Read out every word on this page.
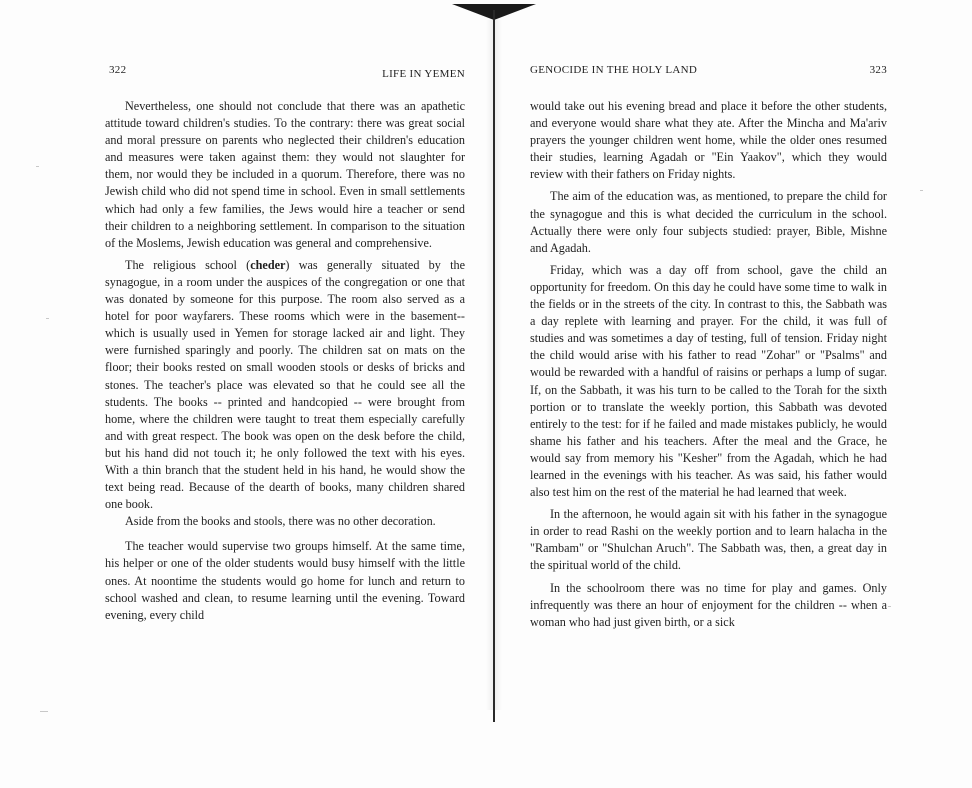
322	LIFE IN YEMEN

Nevertheless, one should not conclude that there was an apathetic attitude toward children's studies. To the contrary: there was great social and moral pressure on parents who neglected their children's education and measures were taken against them: they would not slaughter for them, nor would they be included in a quorum. Therefore, there was no Jewish child who did not spend time in school. Even in small settlements which had only a few families, the Jews would hire a teacher or send their children to a neighboring settlement. In comparison to the situation of the Moslems, Jewish education was general and comprehensive.

The religious school (cheder) was generally situated by the synagogue, in a room under the auspices of the congregation or one that was donated by someone for this purpose. The room also served as a hotel for poor wayfarers. These rooms which were in the basement-- which is usually used in Yemen for storage lacked air and light. They were furnished sparingly and poorly. The children sat on mats on the floor; their books rested on small wooden stools or desks of bricks and stones. The teacher's place was elevated so that he could see all the students. The books -- printed and handcopied -- were brought from home, where the children were taught to treat them especially carefully and with great respect. The book was open on the desk before the child, but his hand did not touch it; he only followed the text with his eyes. With a thin branch that the student held in his hand, he would show the text being read. Because of the dearth of books, many children shared one book.

Aside from the books and stools, there was no other decoration.

The teacher would supervise two groups himself. At the same time, his helper or one of the older students would busy himself with the little ones. At noontime the students would go home for lunch and return to school washed and clean, to resume learning until the evening. Toward evening, every child

GENOCIDE IN THE HOLY LAND	323

would take out his evening bread and place it before the other students, and everyone would share what they ate. After the Mincha and Ma'ariv prayers the younger children went home, while the older ones resumed their studies, learning Agadah or "Ein Yaakov", which they would review with their fathers on Friday nights.

The aim of the education was, as mentioned, to prepare the child for the synagogue and this is what decided the curriculum in the school. Actually there were only four subjects studied: prayer, Bible, Mishne and Agadah.

Friday, which was a day off from school, gave the child an opportunity for freedom. On this day he could have some time to walk in the fields or in the streets of the city. In contrast to this, the Sabbath was a day replete with learning and prayer. For the child, it was full of studies and was sometimes a day of testing, full of tension. Friday night the child would arise with his father to read "Zohar" or "Psalms" and would be rewarded with a handful of raisins or perhaps a lump of sugar. If, on the Sabbath, it was his turn to be called to the Torah for the sixth portion or to translate the weekly portion, this Sabbath was devoted entirely to the test: for if he failed and made mistakes publicly, he would shame his father and his teachers. After the meal and the Grace, he would say from memory his "Kesher" from the Agadah, which he had learned in the evenings with his teacher. As was said, his father would also test him on the rest of the material he had learned that week.

In the afternoon, he would again sit with his father in the synagogue in order to read Rashi on the weekly portion and to learn halacha in the "Rambam" or "Shulchan Aruch". The Sabbath was, then, a great day in the spiritual world of the child.

In the schoolroom there was no time for play and games. Only infrequently was there an hour of enjoyment for the children -- when a woman who had just given birth, or a sick
